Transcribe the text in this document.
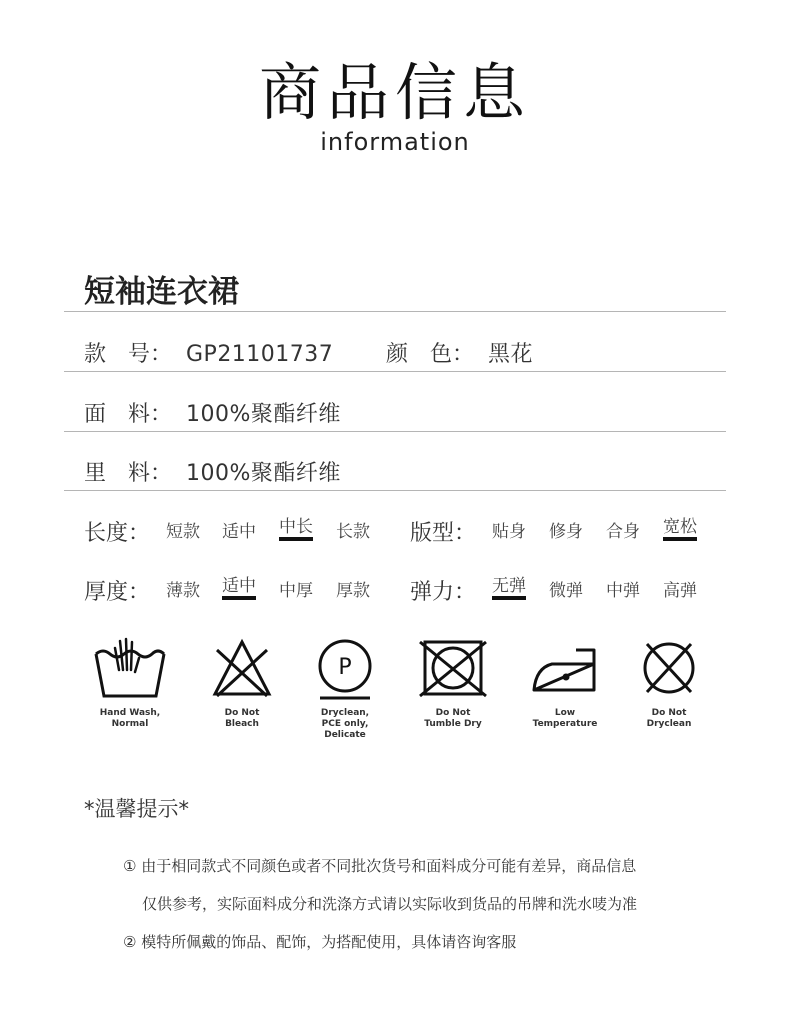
商品信息
information
短袖连衣裙
款　号： GP21101737 颜　色： 黑花
面　料： 100%聚酯纤维
里　料： 100%聚酯纤维
长度： 短款 适中 中长 长款 版型： 贴身 修身 合身 宽松
厚度： 薄款 适中 中厚 厚款 弹力： 无弹 微弹 中弹 高弹
Hand Wash,
Normal
Do Not
Bleach
P
Dryclean,
PCE only,
Delicate
Do Not
Tumble Dry
Low
Temperature
Do Not
Dryclean
*温馨提示*
① 由于相同款式不同颜色或者不同批次货号和面料成分可能有差异，商品信息
仅供参考，实际面料成分和洗涤方式请以实际收到货品的吊牌和洗水唛为准
② 模特所佩戴的饰品、配饰，为搭配使用，具体请咨询客服
